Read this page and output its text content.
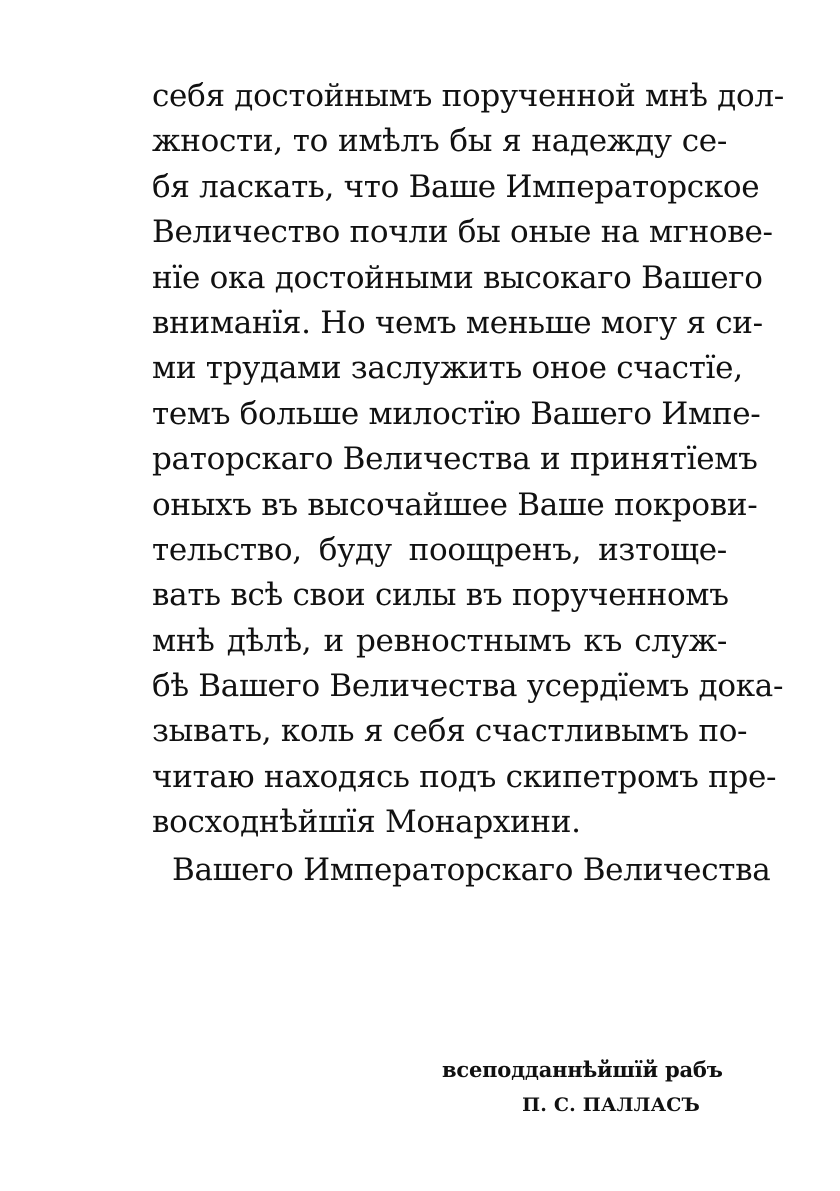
себя достойнымъ порученной мнѣ дол-
жности, то имѣлъ бы я надежду се-
бя ласкать, что Ваше Императорское
Величество почли бы оные на мгнове-
нїе ока достойными высокаго Вашего
вниманїя. Но чемъ меньше могу я си-
ми трудами заслужить оное счастїе,
темъ больше милостїю Вашего Импе-
раторскаго Величества и принятїемъ
оныхъ въ высочайшее Ваше покрови-
тельство, буду поощренъ, изтоще-
вать всѣ свои силы въ порученномъ
мнѣ дѣлѣ, и ревностнымъ къ служ-
бѣ Вашего Величества усердїемъ дока-
зывать, коль я себя счастливымъ по-
читаю находясь подъ скипетромъ пре-
восходнѣйшїя Монархини.
Вашего Императорскаго Величества
всеподданнѣйшїй рабъ
П. С. ПАЛЛАСЪ
